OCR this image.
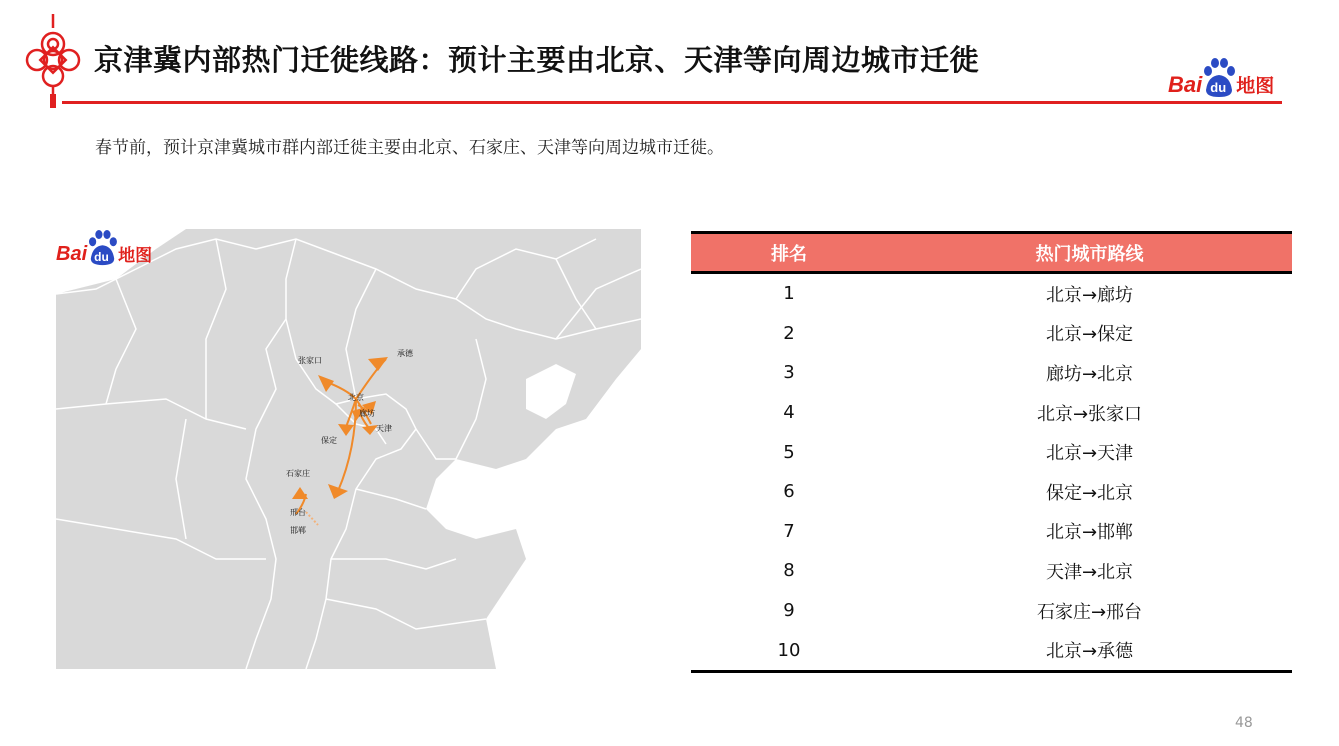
京津冀内部热门迁徙线路：预计主要由北京、天津等向周边城市迁徙
Bai du 地图
春节前，预计京津冀城市群内部迁徙主要由北京、石家庄、天津等向周边城市迁徙。
承德
张家口
北京
廊坊
天津
保定
石家庄
邢台
邯郸
Bai du 地图	排名	热门城市路线
1	北京→廊坊
2	北京→保定
3	廊坊→北京
4	北京→张家口
5	北京→天津
6	保定→北京
7	北京→邯郸
8	天津→北京
9	石家庄→邢台
10	北京→承德
48
